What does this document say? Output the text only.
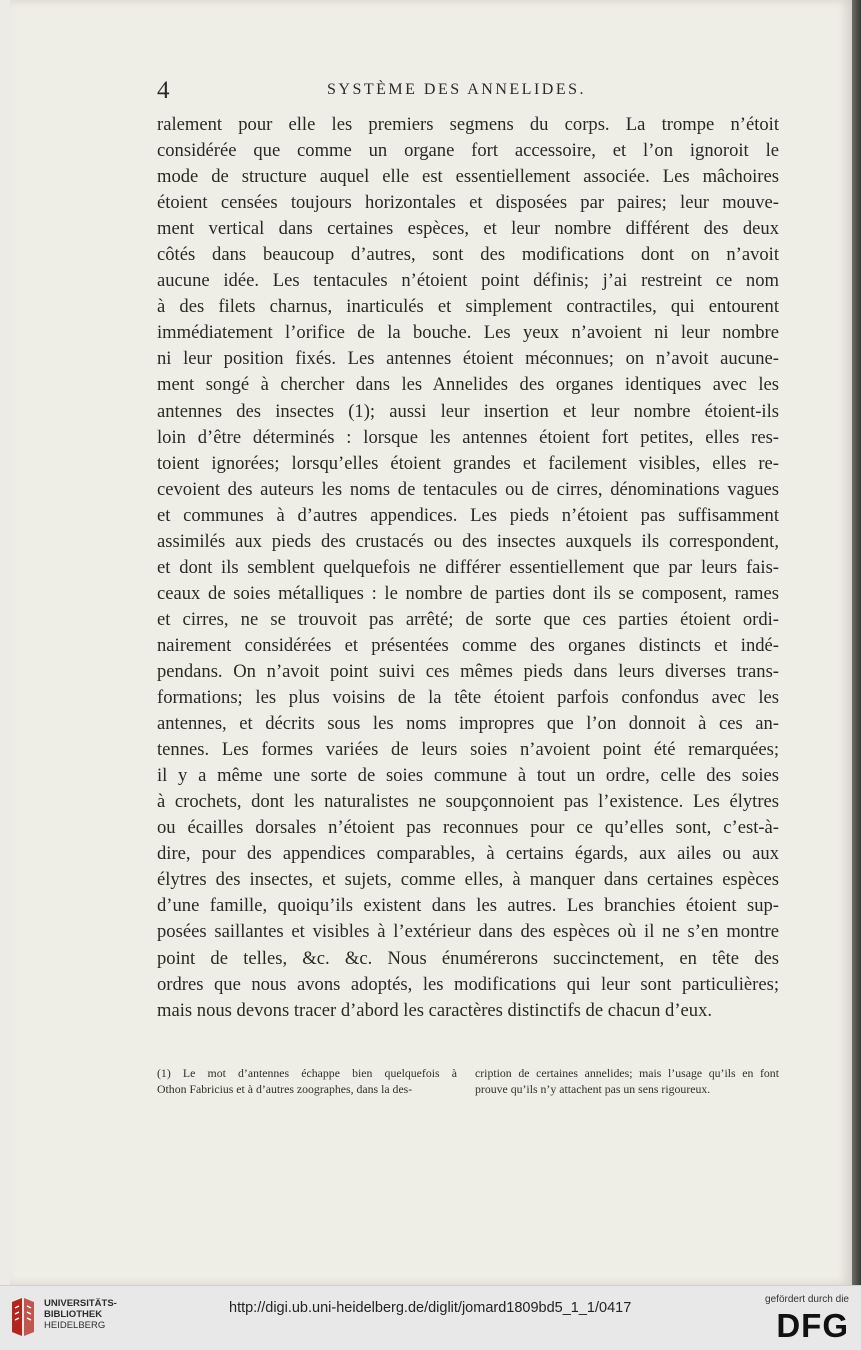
4	SYSTÈME DES ANNELIDES.
ralement pour elle les premiers segmens du corps. La trompe n’étoit
considérée que comme un organe fort accessoire, et l’on ignoroit le
mode de structure auquel elle est essentiellement associée. Les mâchoires
étoient censées toujours horizontales et disposées par paires; leur mouve-
ment vertical dans certaines espèces, et leur nombre différent des deux
côtés dans beaucoup d’autres, sont des modifications dont on n’avoit
aucune idée. Les tentacules n’étoient point définis; j’ai restreint ce nom
à des filets charnus, inarticulés et simplement contractiles, qui entourent
immédiatement l’orifice de la bouche. Les yeux n’avoient ni leur nombre
ni leur position fixés. Les antennes étoient méconnues; on n’avoit aucune-
ment songé à chercher dans les Annelides des organes identiques avec les
antennes des insectes (1); aussi leur insertion et leur nombre étoient-ils
loin d’être déterminés : lorsque les antennes étoient fort petites, elles res-
toient ignorées; lorsqu’elles étoient grandes et facilement visibles, elles re-
cevoient des auteurs les noms de tentacules ou de cirres, dénominations vagues
et communes à d’autres appendices. Les pieds n’étoient pas suffisamment
assimilés aux pieds des crustacés ou des insectes auxquels ils correspondent,
et dont ils semblent quelquefois ne différer essentiellement que par leurs fais-
ceaux de soies métalliques : le nombre de parties dont ils se composent, rames
et cirres, ne se trouvoit pas arrêté; de sorte que ces parties étoient ordi-
nairement considérées et présentées comme des organes distincts et indé-
pendans. On n’avoit point suivi ces mêmes pieds dans leurs diverses trans-
formations; les plus voisins de la tête étoient parfois confondus avec les
antennes, et décrits sous les noms impropres que l’on donnoit à ces an-
tennes. Les formes variées de leurs soies n’avoient point été remarquées;
il y a même une sorte de soies commune à tout un ordre, celle des soies
à crochets, dont les naturalistes ne soupçonnoient pas l’existence. Les élytres
ou écailles dorsales n’étoient pas reconnues pour ce qu’elles sont, c’est-à-
dire, pour des appendices comparables, à certains égards, aux ailes ou aux
élytres des insectes, et sujets, comme elles, à manquer dans certaines espèces
d’une famille, quoiqu’ils existent dans les autres. Les branchies étoient sup-
posées saillantes et visibles à l’extérieur dans des espèces où il ne s’en montre
point de telles, &c. &c. Nous énumérerons succinctement, en tête des
ordres que nous avons adoptés, les modifications qui leur sont particulières;
mais nous devons tracer d’abord les caractères distinctifs de chacun d’eux.
(1) Le mot d’antennes échappe bien quelquefois à
Othon Fabricius et à d’autres zoographes, dans la des-
cription de certaines annelides; mais l’usage qu’ils en font
prouve qu’ils n’y attachent pas un sens rigoureux.
UNIVERSITÄTS-
BIBLIOTHEK
HEIDELBERG
http://digi.ub.uni-heidelberg.de/diglit/jomard1809bd5_1_1/0417
gefördert durch die
DFG
